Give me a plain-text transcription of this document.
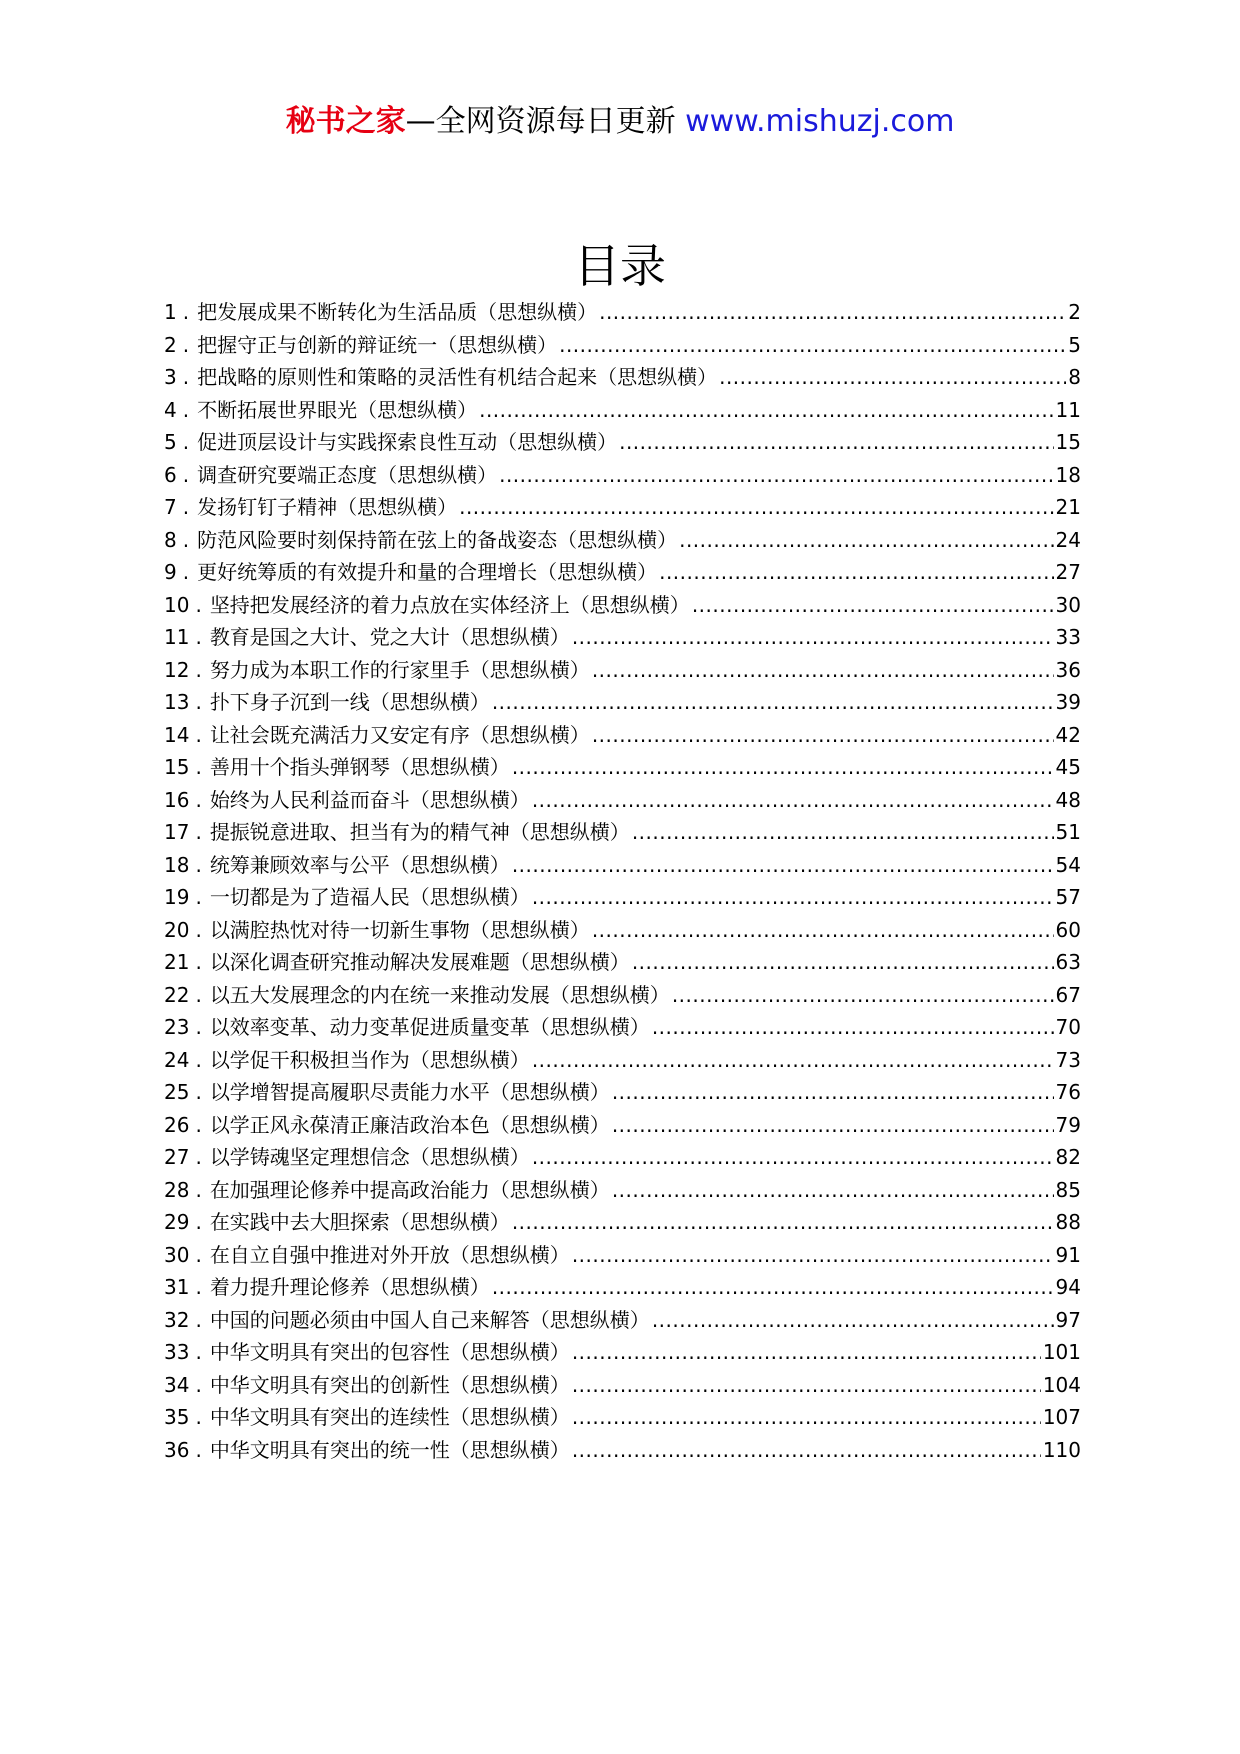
秘书之家—全网资源每日更新 www.mishuzj.com
目录
1 . 把发展成果不断转化为生活品质（思想纵横） .....	2
2 . 把握守正与创新的辩证统一（思想纵横） .....	5
3 . 把战略的原则性和策略的灵活性有机结合起来（思想纵横） .....	8
4 . 不断拓展世界眼光（思想纵横） .....	11
5 . 促进顶层设计与实践探索良性互动（思想纵横） .....	15
6 . 调查研究要端正态度（思想纵横） .....	18
7 . 发扬钉钉子精神（思想纵横） .....	21
8 . 防范风险要时刻保持箭在弦上的备战姿态（思想纵横） .....	24
9 . 更好统筹质的有效提升和量的合理增长（思想纵横） .....	27
10 . 坚持把发展经济的着力点放在实体经济上（思想纵横） .....	30
11 . 教育是国之大计、党之大计（思想纵横） .....	33
12 . 努力成为本职工作的行家里手（思想纵横） .....	36
13 . 扑下身子沉到一线（思想纵横） .....	39
14 . 让社会既充满活力又安定有序（思想纵横） .....	42
15 . 善用十个指头弹钢琴（思想纵横） .....	45
16 . 始终为人民利益而奋斗（思想纵横） .....	48
17 . 提振锐意进取、担当有为的精气神（思想纵横） .....	51
18 . 统筹兼顾效率与公平（思想纵横） .....	54
19 . 一切都是为了造福人民（思想纵横） .....	57
20 . 以满腔热忱对待一切新生事物（思想纵横） .....	60
21 . 以深化调查研究推动解决发展难题（思想纵横） .....	63
22 . 以五大发展理念的内在统一来推动发展（思想纵横） .....	67
23 . 以效率变革、动力变革促进质量变革（思想纵横） .....	70
24 . 以学促干积极担当作为（思想纵横） .....	73
25 . 以学增智提高履职尽责能力水平（思想纵横） .....	76
26 . 以学正风永葆清正廉洁政治本色（思想纵横） .....	79
27 . 以学铸魂坚定理想信念（思想纵横） .....	82
28 . 在加强理论修养中提高政治能力（思想纵横） .....	85
29 . 在实践中去大胆探索（思想纵横） .....	88
30 . 在自立自强中推进对外开放（思想纵横） .....	91
31 . 着力提升理论修养（思想纵横） .....	94
32 . 中国的问题必须由中国人自己来解答（思想纵横） .....	97
33 . 中华文明具有突出的包容性（思想纵横） .....	101
34 . 中华文明具有突出的创新性（思想纵横） .....	104
35 . 中华文明具有突出的连续性（思想纵横） .....	107
36 . 中华文明具有突出的统一性（思想纵横） .....	110
